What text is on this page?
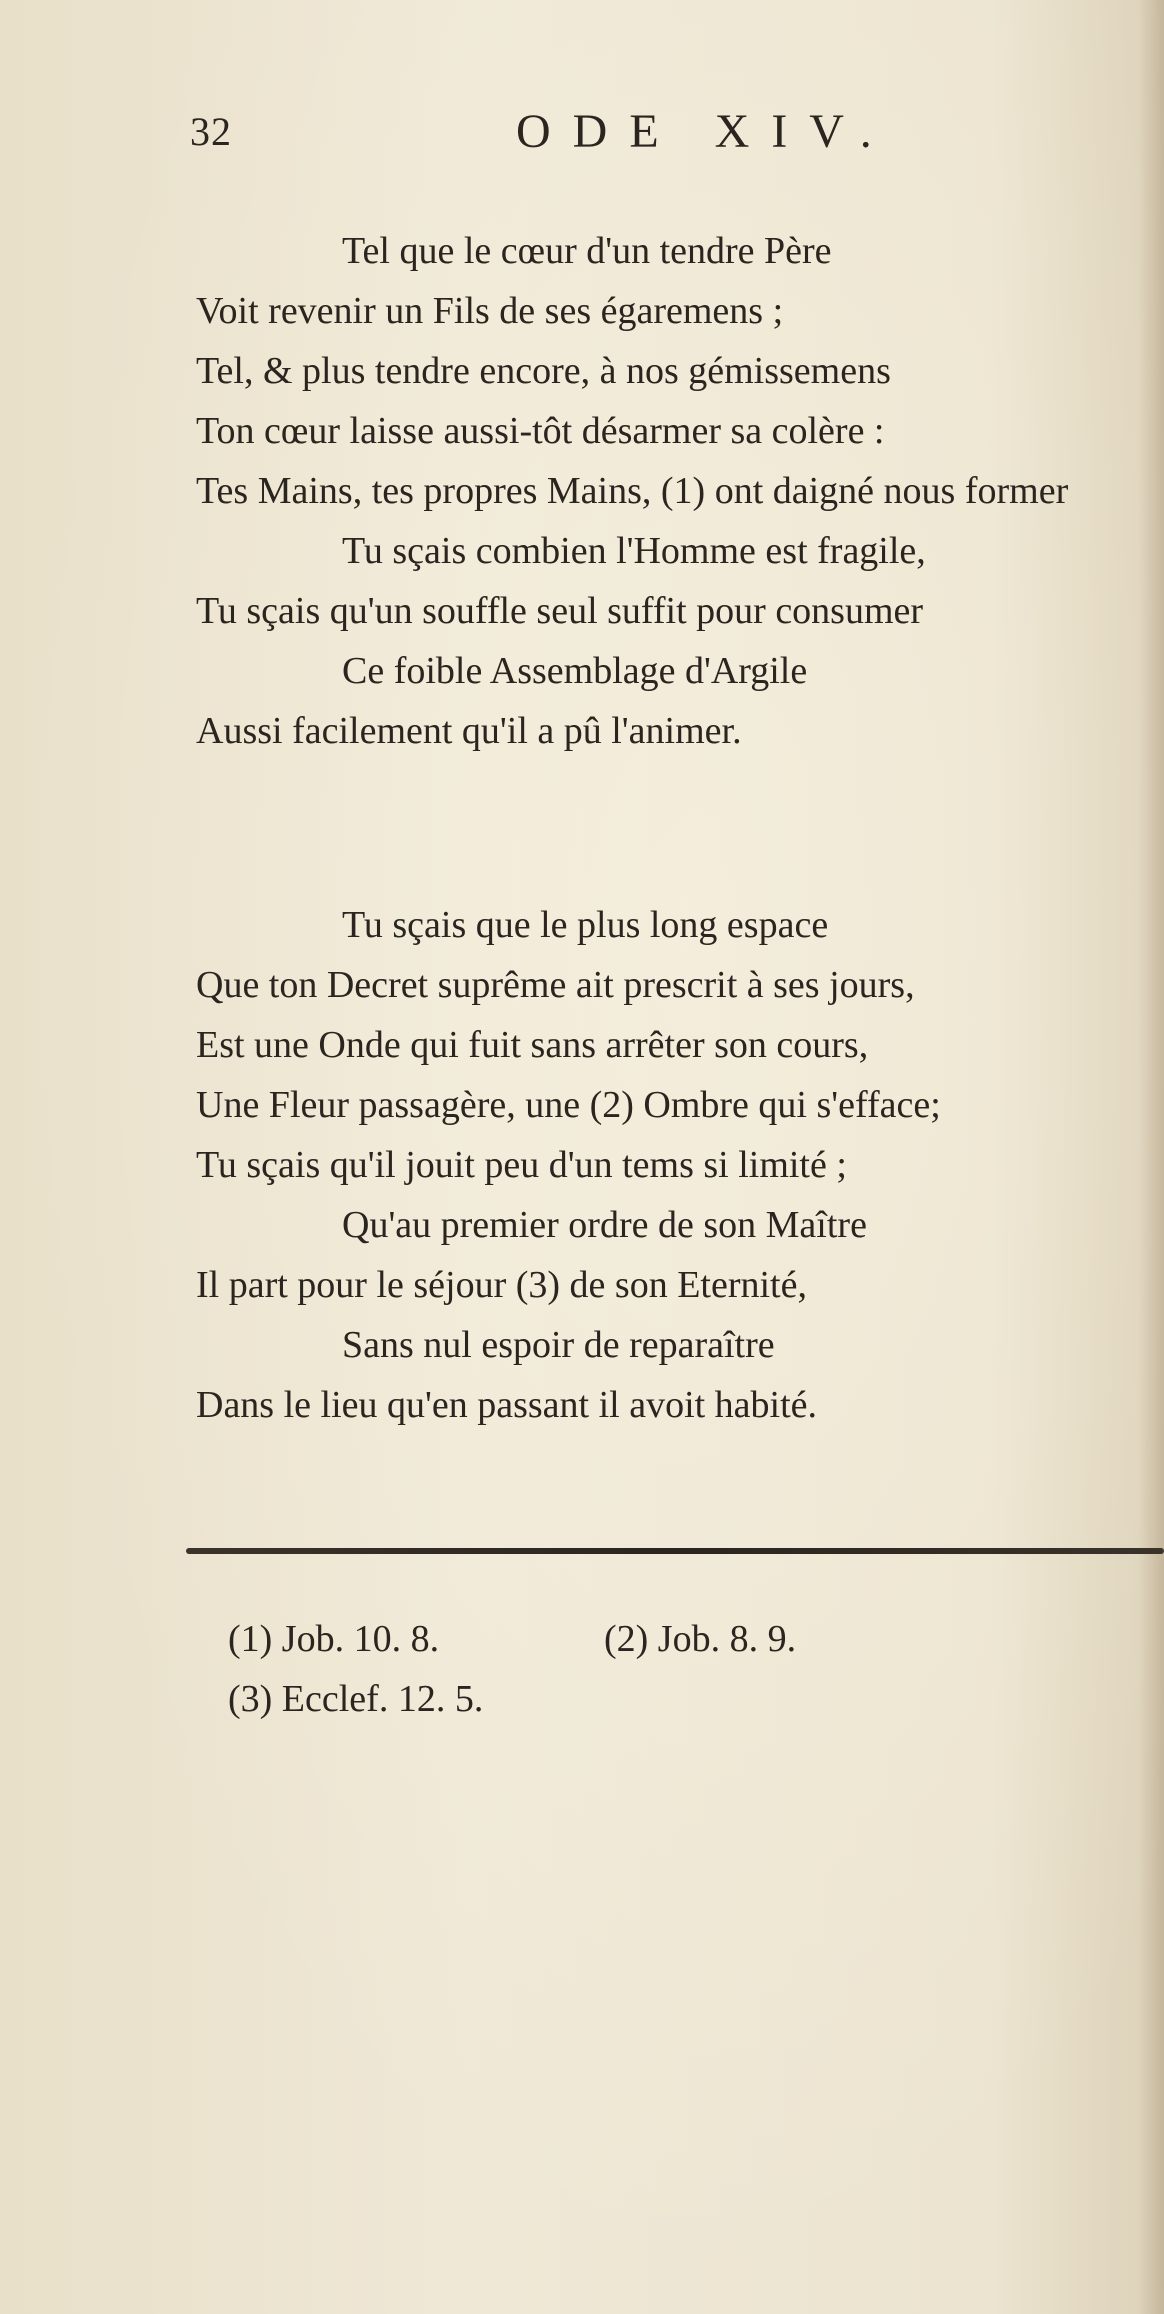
32	ODE XIV.
Tel que le cœur d'un tendre Père
Voit revenir un Fils de ses égaremens ;
Tel, & plus tendre encore, à nos gémissemens
Ton cœur laisse aussi-tôt désarmer sa colère :
Tes Mains, tes propres Mains, (1) ont daigné nous former
Tu sçais combien l'Homme est fragile,
Tu sçais qu'un souffle seul suffit pour consumer
Ce foible Assemblage d'Argile
Aussi facilement qu'il a pû l'animer.
Tu sçais que le plus long espace
Que ton Decret suprême ait prescrit à ses jours,
Est une Onde qui fuit sans arrêter son cours,
Une Fleur passagère, une (2) Ombre qui s'efface;
Tu sçais qu'il jouit peu d'un tems si limité ;
Qu'au premier ordre de son Maître
Il part pour le séjour (3) de son Eternité,
Sans nul espoir de reparaître
Dans le lieu qu'en passant il avoit habité.
(1) Job. 10. 8.	(2) Job. 8. 9.
(3) Ecclef. 12. 5.
